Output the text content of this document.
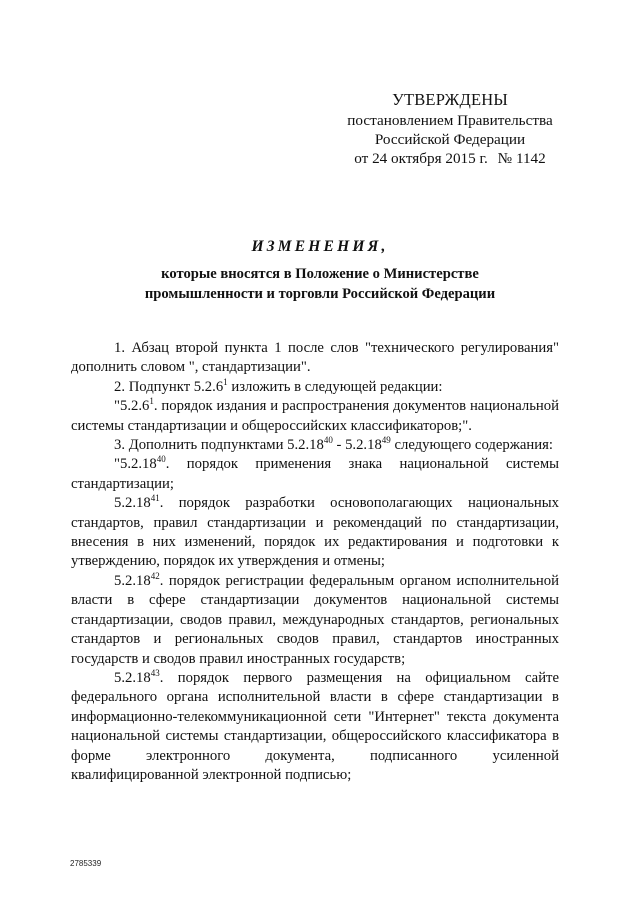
УТВЕРЖДЕНЫ
постановлением Правительства
Российской Федерации
от 24 октября 2015 г. № 1142
ИЗМЕНЕНИЯ,
которые вносятся в Положение о Министерстве
промышленности и торговли Российской Федерации

1. Абзац второй пункта 1 после слов "технического регулирования" дополнить словом ", стандартизации".

2. Подпункт 5.2.6$^1$ изложить в следующей редакции:

"5.2.6$^1$. порядок издания и распространения документов национальной системы стандартизации и общероссийских классификаторов;".

3. Дополнить подпунктами 5.2.18$^{40}$ - 5.2.18$^{49}$ следующего содержания:

"5.2.18$^{40}$. порядок применения знака национальной системы стандартизации;

5.2.18$^{41}$. порядок разработки основополагающих национальных стандартов, правил стандартизации и рекомендаций по стандартизации, внесения в них изменений, порядок их редактирования и подготовки к утверждению, порядок их утверждения и отмены;

5.2.18$^{42}$. порядок регистрации федеральным органом исполнительной власти в сфере стандартизации документов национальной системы стандартизации, сводов правил, международных стандартов, региональных стандартов и региональных сводов правил, стандартов иностранных государств и сводов правил иностранных государств;

5.2.18$^{43}$. порядок первого размещения на официальном сайте федерального органа исполнительной власти в сфере стандартизации в информационно-телекоммуникационной сети "Интернет" текста документа национальной системы стандартизации, общероссийского классификатора в форме электронного документа, подписанного усиленной квалифицированной электронной подписью;

2785339
